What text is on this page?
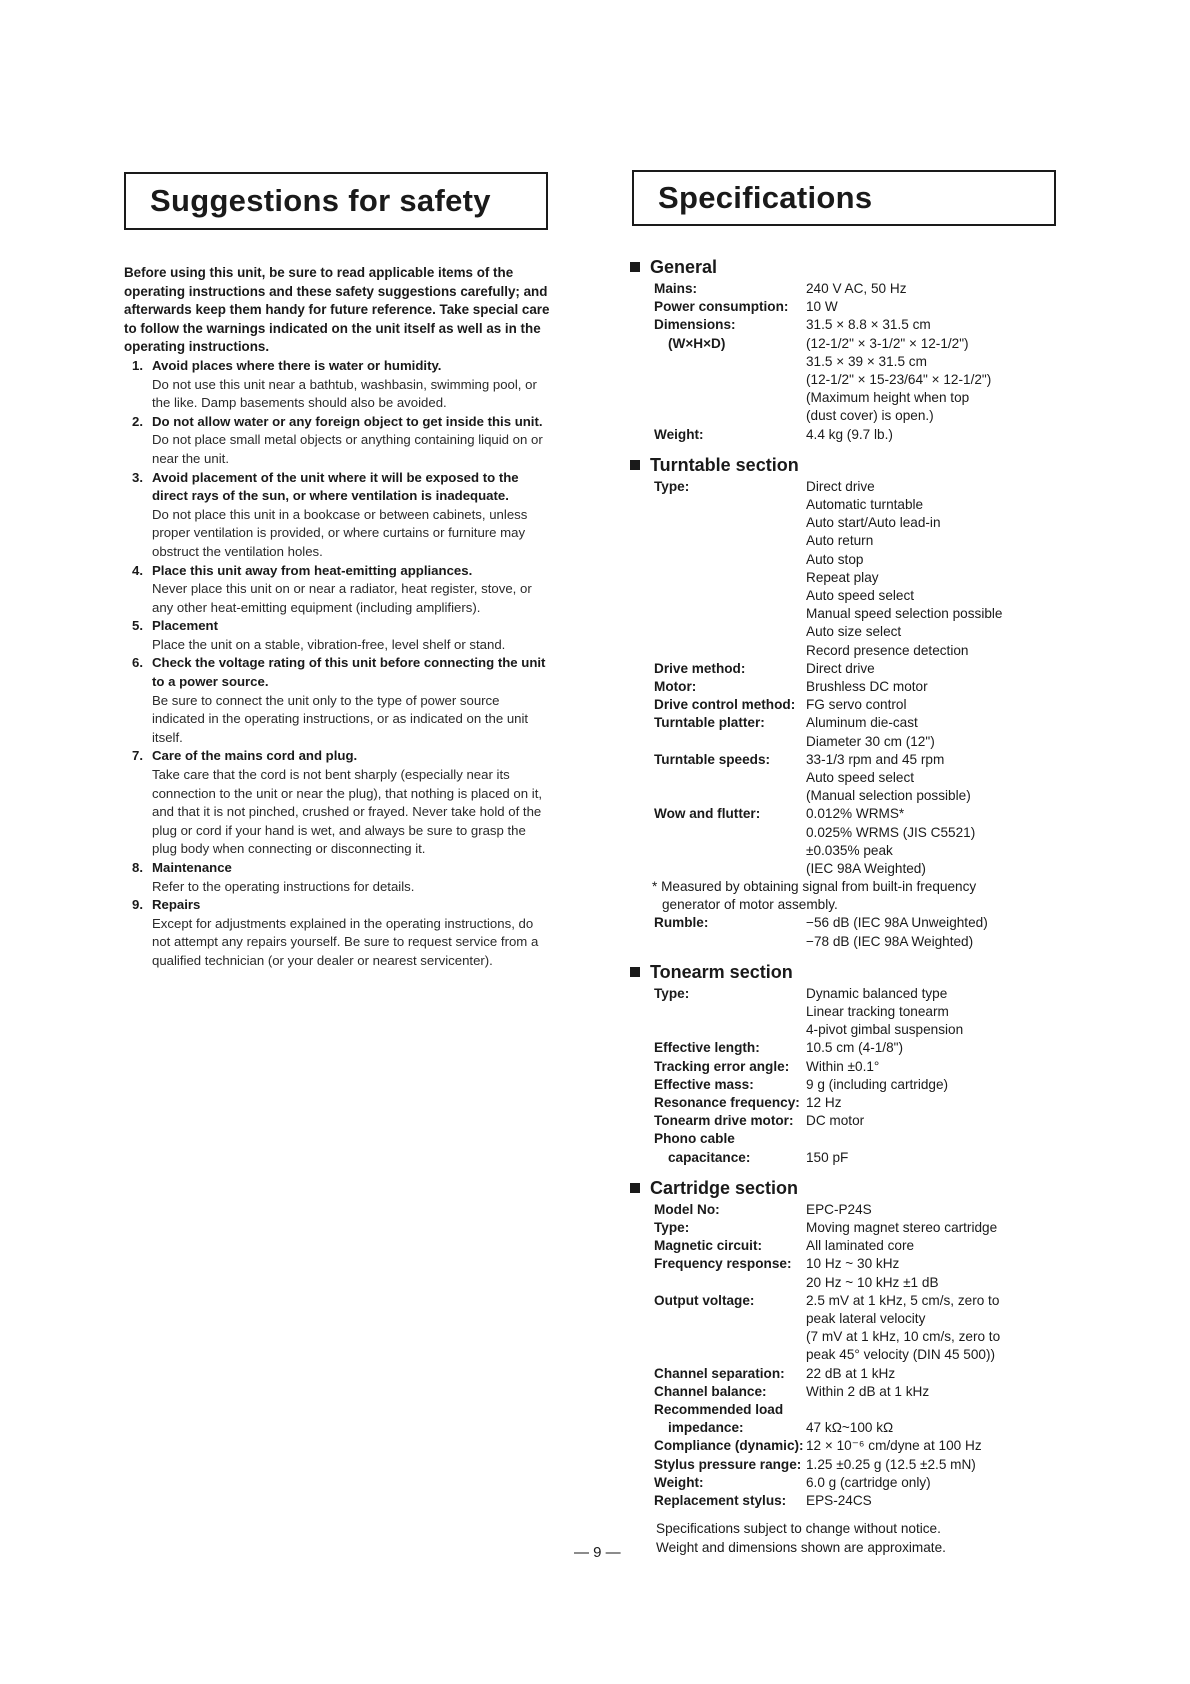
Suggestions for safety
Before using this unit, be sure to read applicable items of the operating instructions and these safety suggestions carefully; and afterwards keep them handy for future reference. Take special care to follow the warnings indicated on the unit itself as well as in the operating instructions.
1. Avoid places where there is water or humidity.
Do not use this unit near a bathtub, washbasin, swimming pool, or the like. Damp basements should also be avoided.
2. Do not allow water or any foreign object to get inside this unit.
Do not place small metal objects or anything containing liquid on or near the unit.
3. Avoid placement of the unit where it will be exposed to the direct rays of the sun, or where ventilation is inadequate.
Do not place this unit in a bookcase or between cabinets, unless proper ventilation is provided, or where curtains or furniture may obstruct the ventilation holes.
4. Place this unit away from heat-emitting appliances.
Never place this unit on or near a radiator, heat register, stove, or any other heat-emitting equipment (including amplifiers).
5. Placement
Place the unit on a stable, vibration-free, level shelf or stand.
6. Check the voltage rating of this unit before connecting the unit to a power source.
Be sure to connect the unit only to the type of power source indicated in the operating instructions, or as indicated on the unit itself.
7. Care of the mains cord and plug.
Take care that the cord is not bent sharply (especially near its connection to the unit or near the plug), that nothing is placed on it, and that it is not pinched, crushed or frayed. Never take hold of the plug or cord if your hand is wet, and always be sure to grasp the plug body when connecting or disconnecting it.
8. Maintenance
Refer to the operating instructions for details.
9. Repairs
Except for adjustments explained in the operating instructions, do not attempt any repairs yourself. Be sure to request service from a qualified technician (or your dealer or nearest servicenter).
Specifications
General
Mains:	240 V AC, 50 Hz
Power consumption:	10 W
Dimensions:
(W×H×D)
31.5 × 8.8 × 31.5 cm
(12-1/2" × 3-1/2" × 12-1/2")
31.5 × 39 × 31.5 cm
(12-1/2" × 15-23/64" × 12-1/2")
(Maximum height when top
(dust cover) is open.)
Weight:	4.4 kg (9.7 lb.)
Turntable section
Type:	Direct drive
Automatic turntable
Auto start/Auto lead-in
Auto return
Auto stop
Repeat play
Auto speed select
Manual speed selection possible
Auto size select
Record presence detection
Drive method:	Direct drive
Motor:	Brushless DC motor
Drive control method: FG servo control
Turntable platter:	Aluminum die-cast
Diameter 30 cm (12")
Turntable speeds:	33-1/3 rpm and 45 rpm
Auto speed select
(Manual selection possible)
Wow and flutter:	0.012% WRMS*
0.025% WRMS (JIS C5521)
±0.035% peak
(IEC 98A Weighted)

* Measured by obtaining signal from built-in frequency
generator of motor assembly.

Rumble:	−56 dB (IEC 98A Unweighted)
−78 dB (IEC 98A Weighted)
Tonearm section
Type:	Dynamic balanced type
Linear tracking tonearm
4-pivot gimbal suspension
Effective length:	10.5 cm (4-1/8")
Tracking error angle:	Within ±0.1°
Effective mass:	9 g (including cartridge)
Resonance frequency: 12 Hz
Tonearm drive motor: DC motor
Phono cable
capacitance:
	150 pF
Cartridge section
Model No:	EPC-P24S
Type:	Moving magnet stereo cartridge
Magnetic circuit:	All laminated core
Frequency response:	10 Hz ~ 30 kHz
20 Hz ~ 10 kHz ±1 dB
Output voltage:	2.5 mV at 1 kHz, 5 cm/s, zero to
peak lateral velocity
(7 mV at 1 kHz, 10 cm/s, zero to
peak 45° velocity (DIN 45 500))
Channel separation:	22 dB at 1 kHz
Channel balance:	Within 2 dB at 1 kHz
Recommended load
impedance:
	47 kΩ~100 kΩ
Compliance (dynamic): 12 × 10⁻⁶ cm/dyne at 100 Hz
Stylus pressure range: 1.25 ±0.25 g (12.5 ±2.5 mN)
Weight:	6.0 g (cartridge only)
Replacement stylus:	EPS-24CS
Specifications subject to change without notice.
Weight and dimensions shown are approximate.
— 9 —
